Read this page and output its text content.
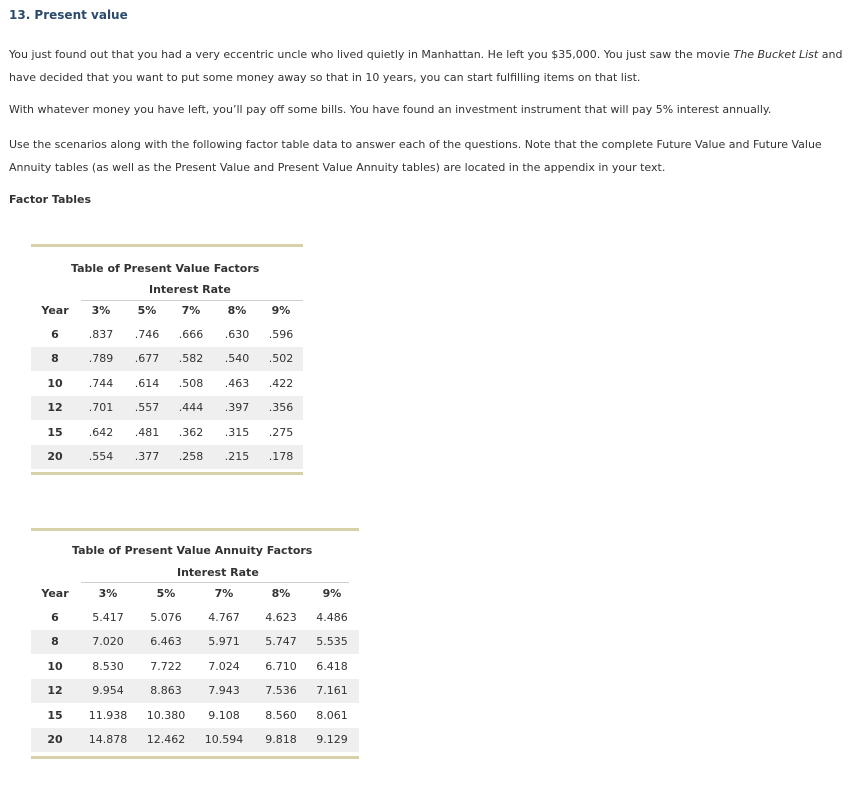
13. Present value
You just found out that you had a very eccentric uncle who lived quietly in Manhattan. He left you $35,000. You just saw the movie The Bucket List and have decided that you want to put some money away so that in 10 years, you can start fulfilling items on that list.
With whatever money you have left, you’ll pay off some bills. You have found an investment instrument that will pay 5% interest annually.
Use the scenarios along with the following factor table data to answer each of the questions. Note that the complete Future Value and Future Value Annuity tables (as well as the Present Value and Present Value Annuity tables) are located in the appendix in your text.
Factor Tables
Table of Present Value Factors
Interest Rate
Year	3%	5%	7%	8%	9%
6	.837	.746	.666	.630	.596
8	.789	.677	.582	.540	.502
10	.744	.614	.508	.463	.422
12	.701	.557	.444	.397	.356
15	.642	.481	.362	.315	.275
20	.554	.377	.258	.215	.178
Table of Present Value Annuity Factors
Interest Rate
Year	3%	5%	7%	8%	9%
6	5.417	5.076	4.767	4.623	4.486
8	7.020	6.463	5.971	5.747	5.535
10	8.530	7.722	7.024	6.710	6.418
12	9.954	8.863	7.943	7.536	7.161
15	11.938	10.380	9.108	8.560	8.061
20	14.878	12.462	10.594	9.818	9.129
